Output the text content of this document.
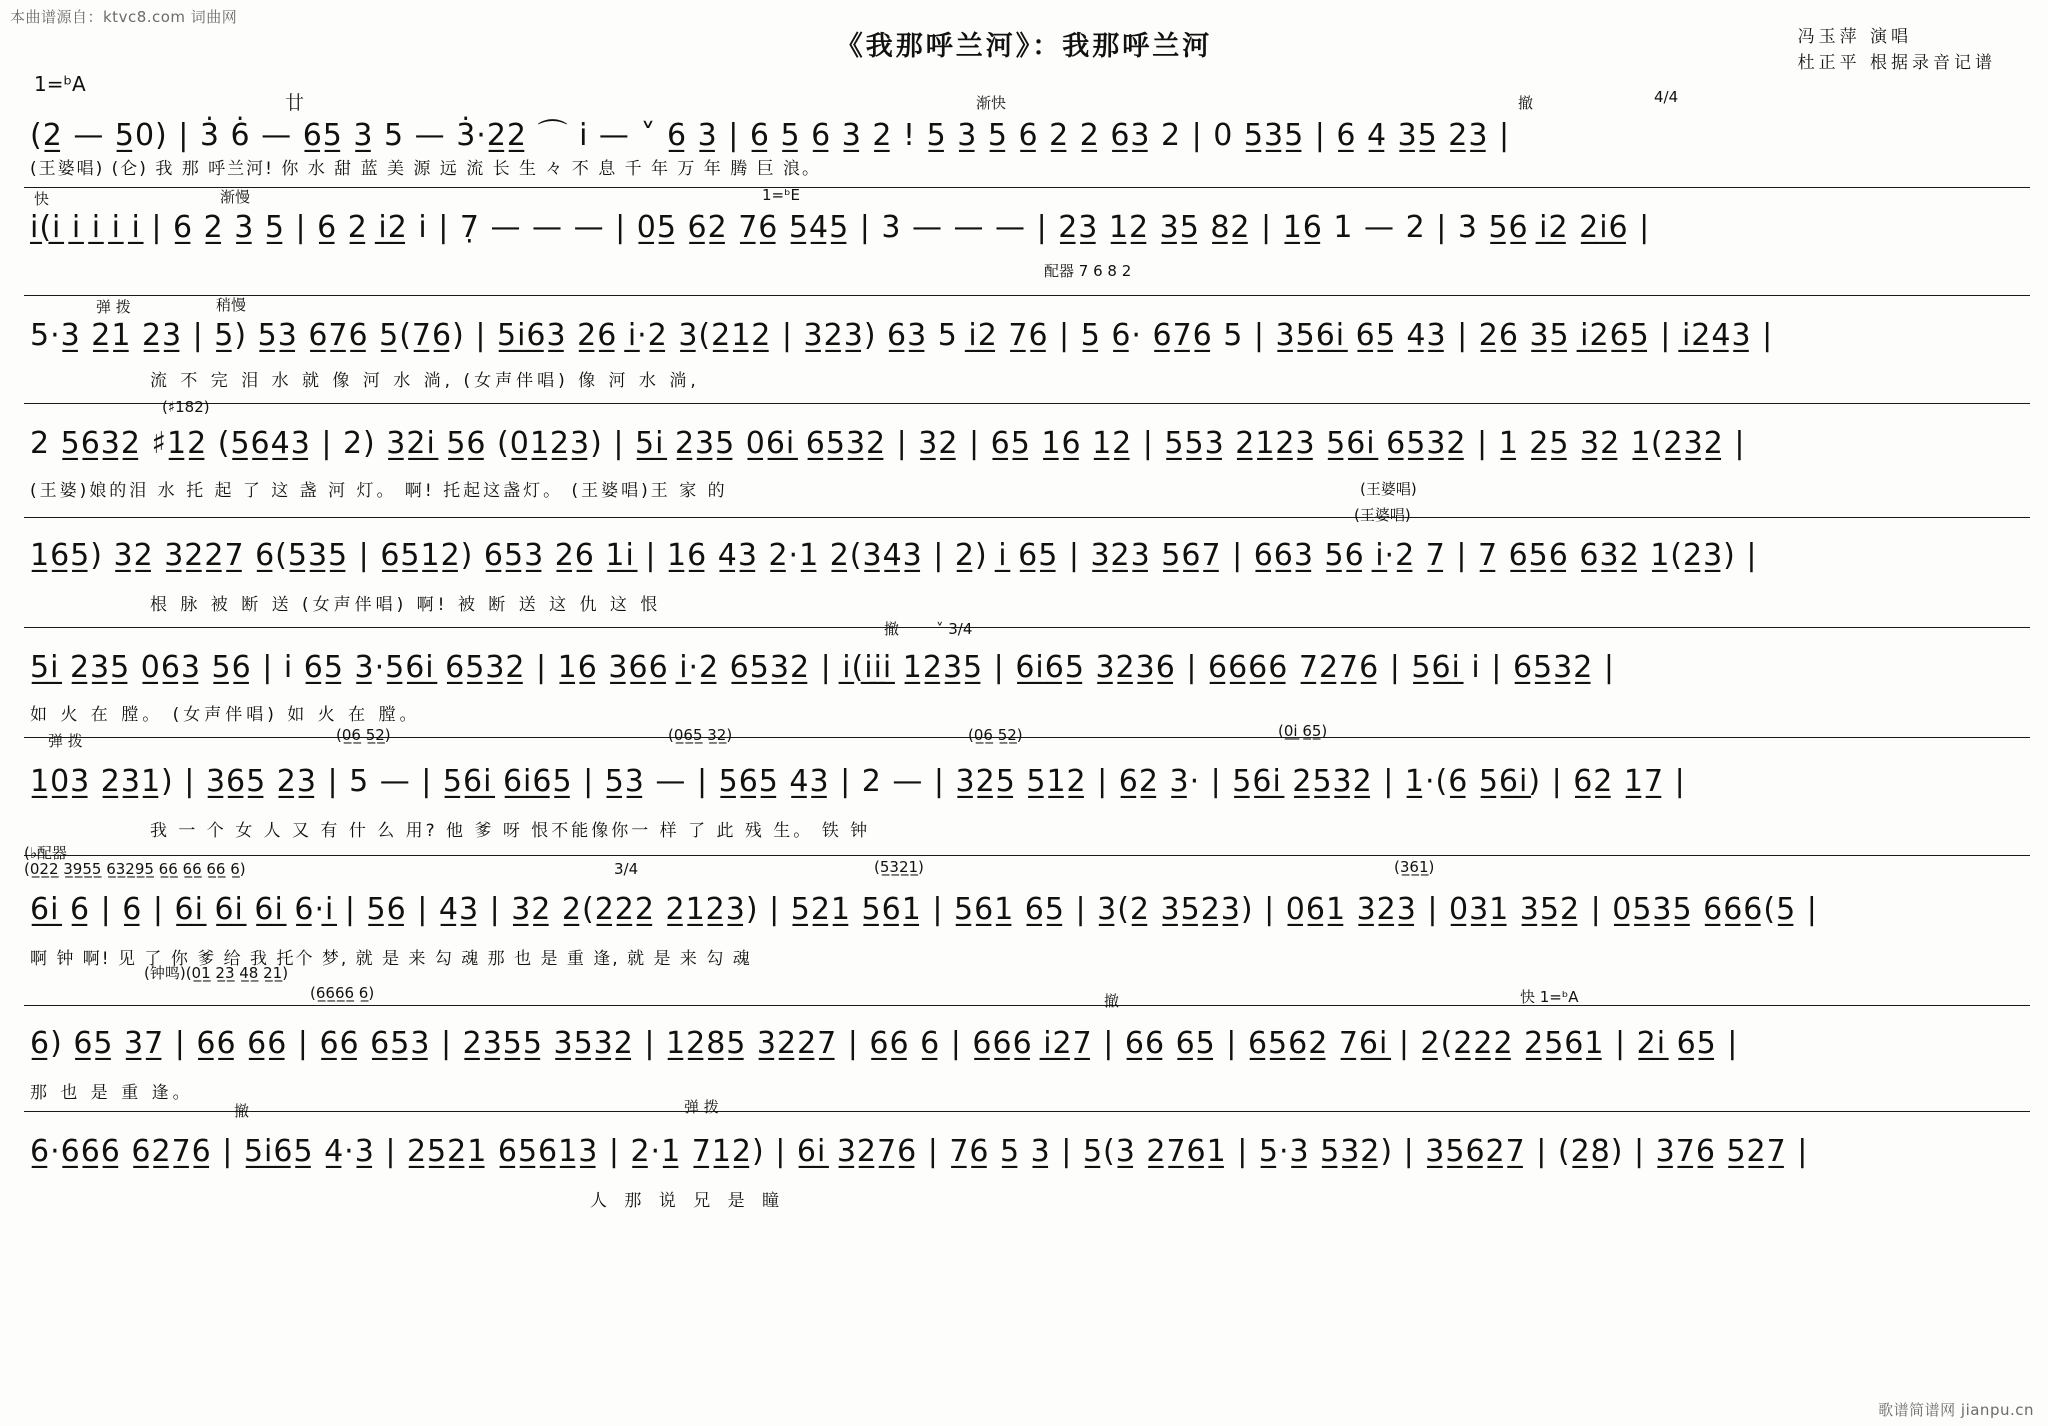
本曲谱源自：ktvc8.com 词曲网
歌谱简谱网 jianpu.cn
《我那呼兰河》：我那呼兰河	冯玉萍 演唱
杜正平 根据录音记谱
1=ᵇA
廿	渐快	撤	4/4
(2̲ — 5̲0) | 3̇ 6̇ — 6̲5̲ 3̲ 5 — 3̇·2̲2̲ ⌒ i̇ — ˅ 6̲ 3̲ | 6̲ 5̲ 6̲ 3̲ 2̲ ! 5̲ 3̲ 5̲ 6̲ 2̲ 2̲ 6̲3̲ 2 | 0 5̲3̲5̲ | 6̲ 4̲ 3̲5̲ 2̲3̲ |
(王婆唱) (仑) 我 那 呼兰河! 你 水 甜 蓝 美 源 远 流 长 生 々 不 息 千 年 万 年 腾 巨 浪。
快	渐慢	1=ᵇE
i̲(i̲ i̲ i̲ i̲ i̲ | 6̲ 2̲ 3̲ 5̲ | 6̲ 2̲ i̲2̲ i̇ | 7̣ — — — | 0̲5̲ 6̲2̲ 7̲6̲ 5̲4̲5̲ | 3 — — — | 2̲3̲ 1̲2̲ 3̲5̲ 8̲2̲ | 1̲6̲ 1 — 2 | 3 5̲6̲ i̲2̲ 2̲i̲6̲ |
配器 7 6 8 2
弹 拨	稍慢
5·3̲ 2̲1̲ 2̲3̲ | 5̲) 5̲3̲ 6̲7̲6̲ 5̲(7̲6̲) | 5̲i̲6̲3̲ 2̲6̲ i̲·2̲ 3̲(2̲1̲2̲ | 3̲2̲3̲) 6̲3̲ 5 i̲2̲ 7̲6̲ | 5̲ 6̲· 6̲7̲6̲ 5 | 3̲5̲6̲i̲ 6̲5̲ 4̲3̲ | 2̲6̲ 3̲5̲ i̲2̲6̲5̲ | i̲2̲4̲3̲ |
流 不 完 泪 水 就 像 河 水 淌, (女声伴唱) 像 河 水 淌,
(♯182)
2 5̲6̲3̲2̲ ♯1̲2̲ (5̲6̲4̲3̲ | 2) 3̲2̲i̲ 5̲6̲ (0̲1̲2̲3̲) | 5̲i̲ 2̲3̲5̲ 0̲6̲i̲ 6̲5̲3̲2̲ | 3̲2̲ | 6̲5̲ 1̲6̲ 1̲2̲ | 5̲5̲3̲ 2̲1̲2̲3̲ 5̲6̲i̲ 6̲5̲3̲2̲ | 1̲ 2̲5̲ 3̲2̲ 1̲(2̲3̲2̲ |
(王婆)娘的泪 水 托 起 了 这 盏 河 灯。 啊! 托起这盏灯。 (王婆唱)王 家 的	(王婆唱)
1̲6̲5̲) 3̲2̲ 3̲2̲2̲7̲ 6̲(5̲3̲5̲ | 6̲5̲1̲2̲) 6̲5̲3̲ 2̲6̲ 1̲i̲ | 1̲6̲ 4̲3̲ 2̲·1̲ 2̲(3̲4̲3̲ | 2̲) i̲ 6̲5̲ | 3̲2̲3̲ 5̲6̲7̲ | 6̲6̲3̲ 5̲6̲ i̲·2̲ 7̲ | 7̲ 6̲5̲6̲ 6̲3̲2̲ 1̲(2̲3̲) |
根 脉 被 断 送 (女声伴唱) 啊! 被 断 送 这 仇 这 恨
(王婆唱)
撤 ˅ 3/4
5̲i̲ 2̲3̲5̲ 0̲6̲3̲ 5̲6̲ | i̇ 6̲5̲ 3̲·5̲6̲i̲ 6̲5̲3̲2̲ | 1̲6̲ 3̲6̲6̲ i̲·2̲ 6̲5̲3̲2̲ | i̲(i̲i̲i̲ 1̲2̲3̲5̲ | 6̲i̲6̲5̲ 3̲2̲3̲6̲ | 6̲6̲6̲6̲ 7̲2̲7̲6̲ | 5̲6̲i̲ i̇ | 6̲5̲3̲2̲ |
如 火 在 膛。 (女声伴唱) 如 火 在 膛。
弹 拨	(0̲6̲ 5̲2̲)	(0̲6̲5̲ 3̲2̲)	(0̲6̲ 5̲2̲)	(0̲i̲ 6̲5̲)
1̲0̲3̲ 2̲3̲1̲) | 3̲6̲5̲ 2̲3̲ | 5 — | 5̲6̲i̲ 6̲i̲6̲5̲ | 5̲3̲ — | 5̲6̲5̲ 4̲3̲ | 2 — | 3̲2̲5̲ 5̲1̲2̲ | 6̲2̲ 3̲· | 5̲6̲i̲ 2̲5̲3̲2̲ | 1̲·(6̲ 5̲6̲i̲) | 6̲2̲ 1̲7̲ |
我 一 个 女 人 又 有 什 么 用? 他 爹 呀 恨不能像你一 样 了 此 残 生。 铁 钟
(♭配器
(0̲2̲2̲ 3̲9̲5̲5̲ 6̲3̲2̲9̲5̲ 6̲6̲ 6̲6̲ 6̲6̲ 6̲)	3/4	(5̲3̲2̲1̲)	(3̲6̲1̲)
6̲i̲ 6̲ | 6̲ | 6̲i̲ 6̲i̲ 6̲i̲ 6̲·i̲ | 5̲6̲ | 4̲3̲ | 3̲2̲ 2̲(2̲2̲2̲ 2̲1̲2̲3̲) | 5̲2̲1̲ 5̲6̲1̲ | 5̲6̲1̲ 6̲5̲ | 3̲(2̲ 3̲5̲2̲3̲) | 0̲6̲1̲ 3̲2̲3̲ | 0̲3̲1̲ 3̲5̲2̲ | 0̲5̲3̲5̲ 6̲6̲6̲(5̲ |
啊 钟 啊! 见 了 你 爹 给 我 托个 梦, 就 是 来 勾 魂 那 也 是 重 逢, 就 是 来 勾 魂
(钟鸣)(0̲1̲ 2̲3̲ 4̲8̲ 2̲1̲)
(6̲6̲6̲6̲ 6̲)	撤	快 1=ᵇA
6̲) 6̲5̲ 3̲7̲ | 6̲6̲ 6̲6̲ | 6̲6̲ 6̲5̲3̲ | 2̲3̲5̲5̲ 3̲5̲3̲2̲ | 1̲2̲8̲5̲ 3̲2̲2̲7̲ | 6̲6̲ 6̲ | 6̲6̲6̲ i̲2̲7̲ | 6̲6̲ 6̲5̲ | 6̲5̲6̲2̲ 7̲6̲i̲ | 2̲(2̲2̲2̲ 2̲5̲6̲1̲ | 2̲i̲ 6̲5̲ |
那 也 是 重 逢。
撤	弹 拨
6̲·6̲6̲6̲ 6̲2̲7̲6̲ | 5̲i̲6̲5̲ 4̲·3̲ | 2̲5̲2̲1̲ 6̲5̲6̲1̲3̲ | 2̲·1̲ 7̲1̲2̲) | 6̲i̲ 3̲2̲7̲6̲ | 7̲6̲ 5̲ 3̲ | 5̲(3̲ 2̲7̲6̲1̲ | 5̲·3̲ 5̲3̲2̲) | 3̲5̲6̲2̲7̲ | (2̲8̲) | 3̲7̲6̲ 5̲2̲7̲ |
人 那 说 兄 是 瞳
